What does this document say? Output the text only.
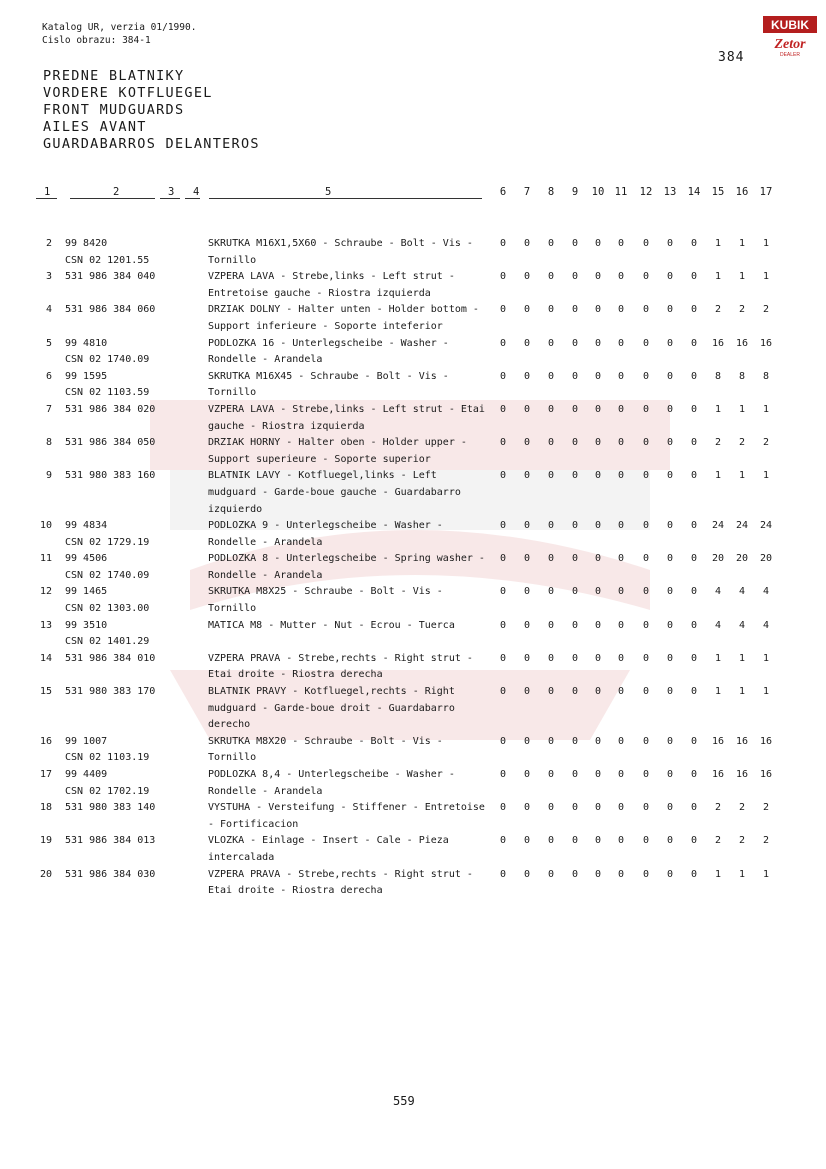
Katalog UR, verzia 01/1990.
Cislo obrazu: 384-1
KUBIK
Zetor
DEALER
384
PREDNE BLATNIKY
VORDERE KOTFLUEGEL
FRONT MUDGUARDS
AILES AVANT
GUARDABARROS DELANTEROS
1	2	3 4	5	6	7	8	9	10 11 12 13 14 15 16 17
2 99 8420
CSN 02 1201.55
SKRUTKA M16X1,5X60 - Schraube - Bolt - Vis - Tornillo
0	0	0	0	0	0	0	0	0	1	1	1
3 531 986 384 040	VZPERA LAVA - Strebe,links - Left strut - Entretoise gauche - Riostra izquierda
0	0	0	0	0	0	0	0	0	1	1	1
4 531 986 384 060	DRZIAK DOLNY - Halter unten - Holder bottom - Support inferieure - Soporte inteferior
0	0	0	0	0	0	0	0	0	2	2	2
5 99 4810
CSN 02 1740.09
PODLOZKA 16 - Unterlegscheibe - Washer - Rondelle - Arandela
0	0	0	0	0	0	0	0	0	16 16 16
6 99 1595
CSN 02 1103.59
SKRUTKA M16X45 - Schraube - Bolt - Vis - Tornillo
0	0	0	0	0	0	0	0	0	8	8	8
7 531 986 384 020	VZPERA LAVA - Strebe,links - Left strut - Etai gauche - Riostra izquierda
0	0	0	0	0	0	0	0	0	1	1	1
8 531 986 384 050	DRZIAK HORNY - Halter oben - Holder upper - Support superieure - Soporte superior
0	0	0	0	0	0	0	0	0	2	2	2
9 531 980 383 160	BLATNIK LAVY - Kotfluegel,links - Left mudguard - Garde-boue gauche - Guardabarro izquierdo
0	0	0	0	0	0	0	0	0	1	1	1
10 99 4834
CSN 02 1729.19
PODLOZKA 9 - Unterlegscheibe - Washer - Rondelle - Arandela
0	0	0	0	0	0	0	0	0	24 24 24
11 99 4506
CSN 02 1740.09
PODLOZKA 8 - Unterlegscheibe - Spring washer - Rondelle - Arandela
0	0	0	0	0	0	0	0	0	20 20 20
12 99 1465
CSN 02 1303.00
SKRUTKA M8X25 - Schraube - Bolt - Vis - Tornillo
0	0	0	0	0	0	0	0	0	4	4	4
13 99 3510
CSN 02 1401.29
MATICA M8 - Mutter - Nut - Ecrou - Tuerca	0	0	0	0	0	0	0	0	0	4	4	4
14 531 986 384 010	VZPERA PRAVA - Strebe,rechts - Right strut - Etai droite - Riostra derecha
0	0	0	0	0	0	0	0	0	1	1	1
15 531 980 383 170	BLATNIK PRAVY - Kotfluegel,rechts - Right mudguard - Garde-boue droit - Guardabarro derecho
0	0	0	0	0	0	0	0	0	1	1	1
16 99 1007
CSN 02 1103.19
SKRUTKA M8X20 - Schraube - Bolt - Vis - Tornillo
0	0	0	0	0	0	0	0	0	16 16 16
17 99 4409
CSN 02 1702.19
PODLOZKA 8,4 - Unterlegscheibe - Washer - Rondelle - Arandela
0	0	0	0	0	0	0	0	0	16 16 16
18 531 980 383 140	VYSTUHA - Versteifung - Stiffener - Entretoise - Fortificacion
0	0	0	0	0	0	0	0	0	2	2	2
19 531 986 384 013	VLOZKA - Einlage - Insert - Cale - Pieza intercalada
0	0	0	0	0	0	0	0	0	2	2	2
20 531 986 384 030	VZPERA PRAVA - Strebe,rechts - Right strut - Etai droite - Riostra derecha
0	0	0	0	0	0	0	0	0	1	1	1
559
